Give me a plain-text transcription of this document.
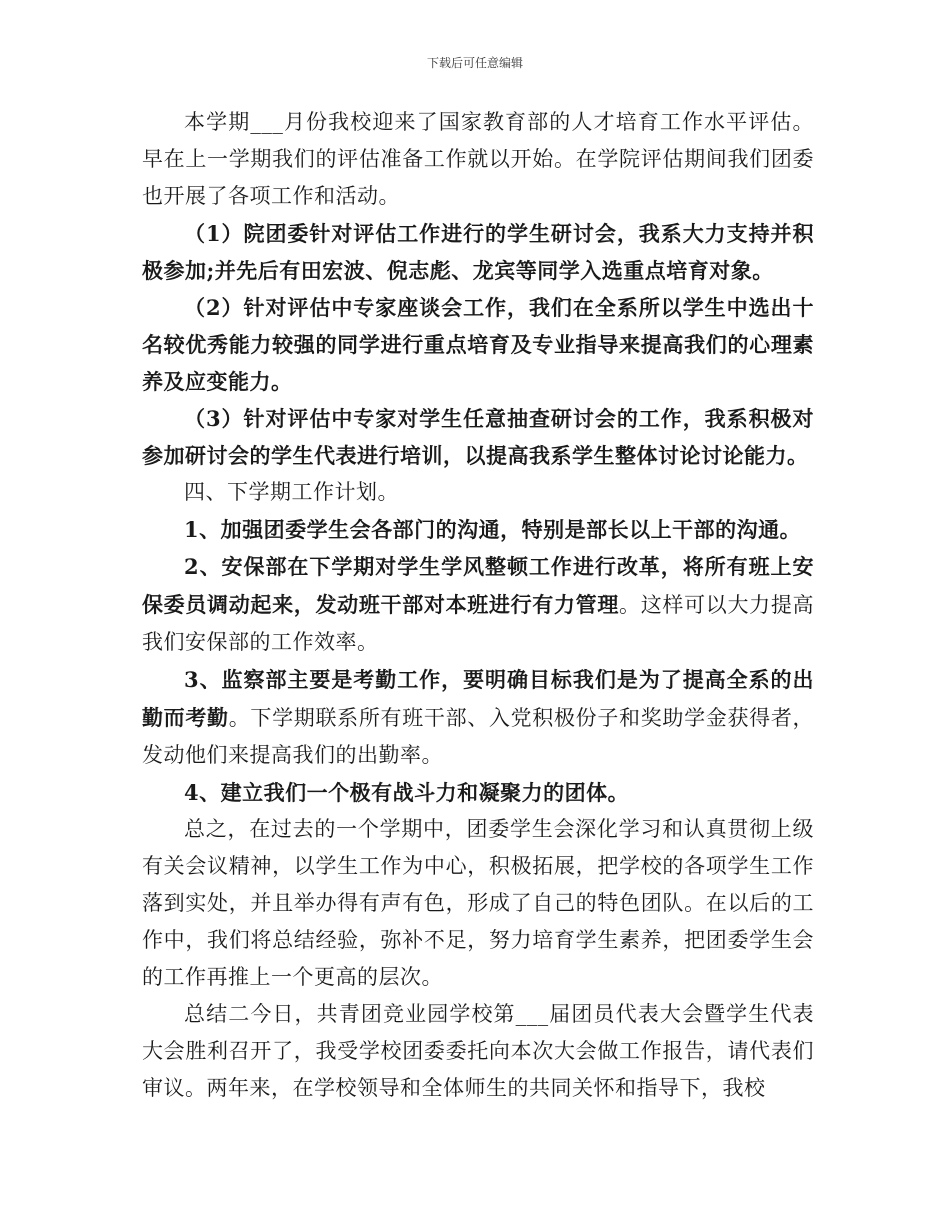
下载后可任意编辑

本学期___月份我校迎来了国家教育部的人才培育工作水平评估。早在上一学期我们的评估准备工作就以开始。在学院评估期间我们团委也开展了各项工作和活动。

（1）院团委针对评估工作进行的学生研讨会，我系大力支持并积极参加;并先后有田宏波、倪志彪、龙宾等同学入选重点培育对象。

（2）针对评估中专家座谈会工作，我们在全系所以学生中选出十名较优秀能力较强的同学进行重点培育及专业指导来提高我们的心理素养及应变能力。

（3）针对评估中专家对学生任意抽查研讨会的工作，我系积极对参加研讨会的学生代表进行培训，以提高我系学生整体讨论讨论能力。

四、下学期工作计划。

1、加强团委学生会各部门的沟通，特别是部长以上干部的沟通。

2、安保部在下学期对学生学风整顿工作进行改革，将所有班上安保委员调动起来，发动班干部对本班进行有力管理。这样可以大力提高我们安保部的工作效率。

3、监察部主要是考勤工作，要明确目标我们是为了提高全系的出勤而考勤。下学期联系所有班干部、入党积极份子和奖助学金获得者，发动他们来提高我们的出勤率。

4、建立我们一个极有战斗力和凝聚力的团体。

总之，在过去的一个学期中，团委学生会深化学习和认真贯彻上级有关会议精神，以学生工作为中心，积极拓展，把学校的各项学生工作落到实处，并且举办得有声有色，形成了自己的特色团队。在以后的工作中，我们将总结经验，弥补不足，努力培育学生素养，把团委学生会的工作再推上一个更高的层次。

总结二今日，共青团竞业园学校第___届团员代表大会暨学生代表大会胜利召开了，我受学校团委委托向本次大会做工作报告，请代表们审议。两年来，在学校领导和全体师生的共同关怀和指导下，我校
